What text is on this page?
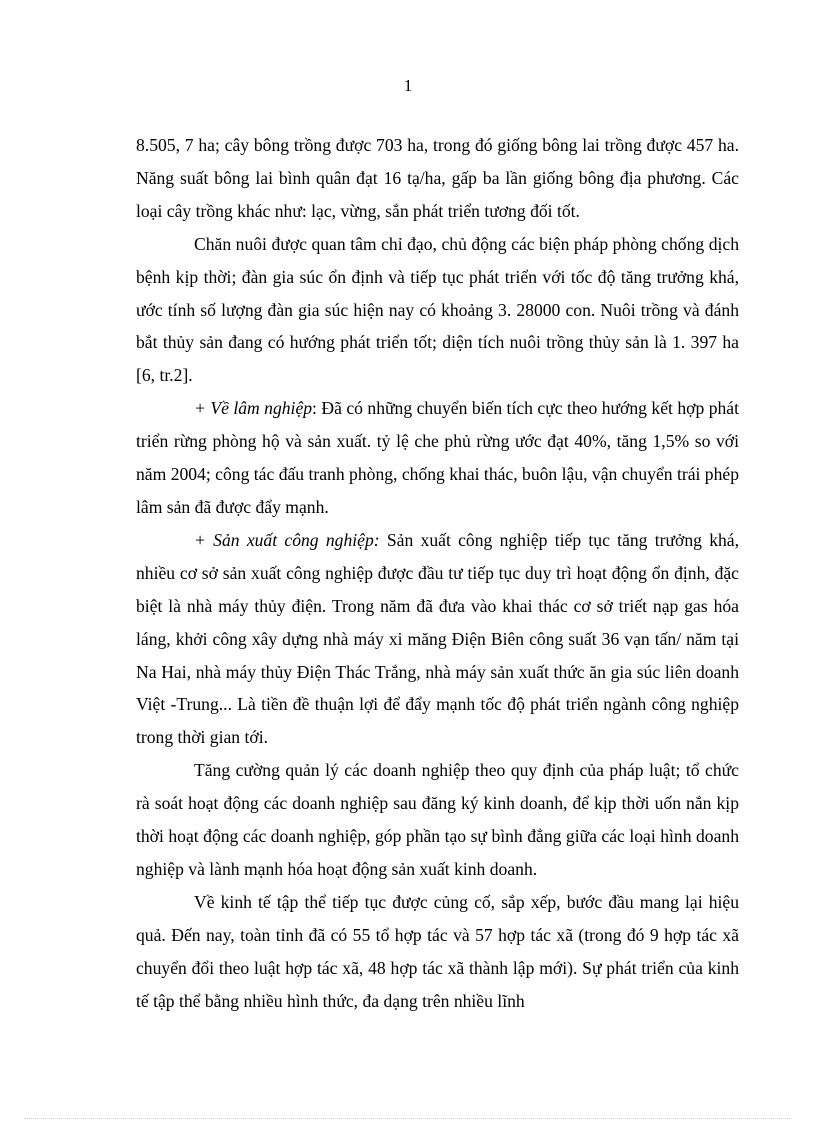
1

8.505, 7 ha; cây bông trồng được 703 ha, trong đó giống bông lai trồng được 457 ha. Năng suất bông lai bình quân đạt 16 tạ/ha, gấp ba lần giống bông địa phương. Các loại cây trồng khác như: lạc, vừng, sắn phát triển tương đối tốt.

Chăn nuôi được quan tâm chỉ đạo, chủ động các biện pháp phòng chống dịch bệnh kịp thời; đàn gia súc ổn định và tiếp tục phát triển với tốc độ tăng trưởng khá, ước tính số lượng đàn gia súc hiện nay có khoảng 3. 28000 con. Nuôi trồng và đánh bắt thủy sản đang có hướng phát triển tốt; diện tích nuôi trồng thủy sản là 1. 397 ha [6, tr.2].

+ Về lâm nghiệp: Đã có những chuyển biến tích cực theo hướng kết hợp phát triển rừng phòng hộ và sản xuất. tỷ lệ che phủ rừng ước đạt 40%, tăng 1,5% so với năm 2004; công tác đấu tranh phòng, chống khai thác, buôn lậu, vận chuyển trái phép lâm sản đã được đẩy mạnh.

+ Sản xuất công nghiệp: Sản xuất công nghiệp tiếp tục tăng trưởng khá, nhiều cơ sở sản xuất công nghiệp được đầu tư tiếp tục duy trì hoạt động ổn định, đặc biệt là nhà máy thủy điện. Trong năm đã đưa vào khai thác cơ sở triết nạp gas hóa láng, khởi công xây dựng nhà máy xi măng Điện Biên công suất 36 vạn tấn/ năm tại Na Hai, nhà máy thủy Điện Thác Trắng, nhà máy sản xuất thức ăn gia súc liên doanh Việt -Trung... Là tiền đề thuận lợi để đẩy mạnh tốc độ phát triển ngành công nghiệp trong thời gian tới.

Tăng cường quản lý các doanh nghiệp theo quy định của pháp luật; tổ chức rà soát hoạt động các doanh nghiệp sau đăng ký kinh doanh, để kịp thời uốn nắn kịp thời hoạt động các doanh nghiệp, góp phần tạo sự bình đẳng giữa các loại hình doanh nghiệp và lành mạnh hóa hoạt động sản xuất kinh doanh.

Về kinh tế tập thể tiếp tục được củng cố, sắp xếp, bước đầu mang lại hiệu quả. Đến nay, toàn tỉnh đã có 55 tổ hợp tác và 57 hợp tác xã (trong đó 9 hợp tác xã chuyển đổi theo luật hợp tác xã, 48 hợp tác xã thành lập mới). Sự phát triển của kinh tế tập thể bằng nhiều hình thức, đa dạng trên nhiều lĩnh
